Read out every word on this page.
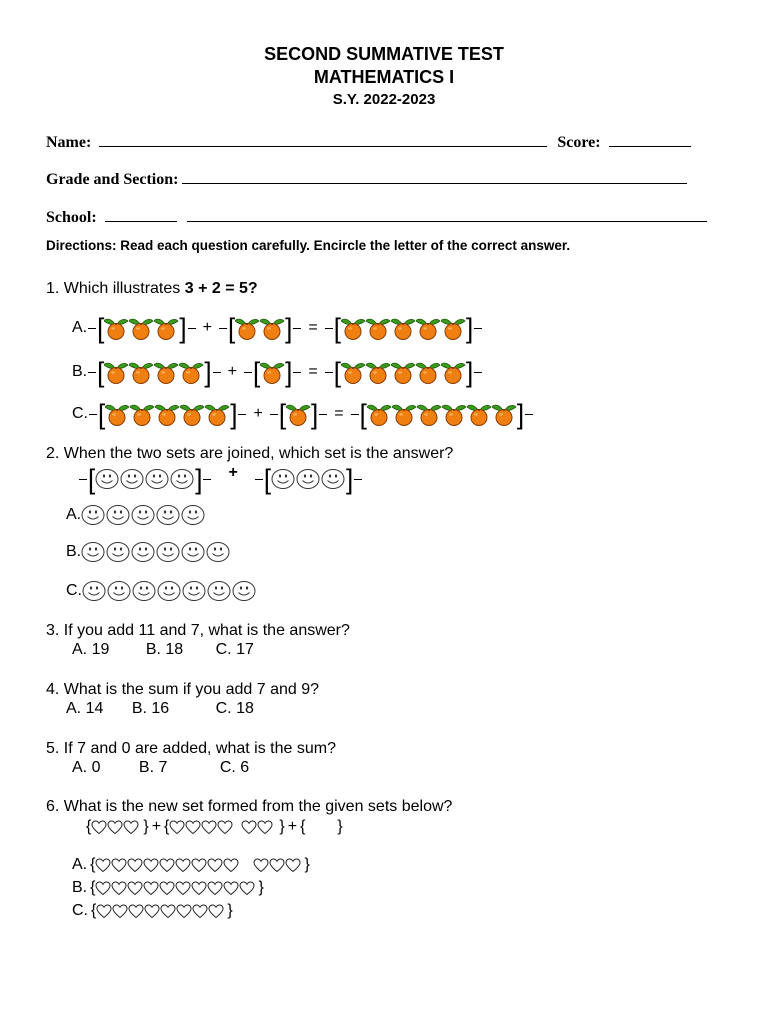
SECOND SUMMATIVE TEST
MATHEMATICS I
S.Y. 2022-2023
Name:	Score:
Grade and Section:
School:
Directions: Read each question carefully. Encircle the letter of the correct answer.
1. Which illustrates 3 + 2 = 5?
A. [	] + [ ] = [	]
B. [	] + [ ] = [	]
C. [	] + [ ] = [	]
2. When the two sets are joined, which set is the answer?
[	] + [	]
A.
B.
C.
3. If you add 11 and 7, what is the answer?
A. 19 B. 18 C. 17
4. What is the sum if you add 7 and 9?
A. 14 B. 16	C. 18
5. If 7 and 0 are added, what is the sum?
A. 0 B. 7	C. 6
6. What is the new set formed from the given sets below?
{	} + {	} + { }
A. {	}
B. {	}
C. {	}
